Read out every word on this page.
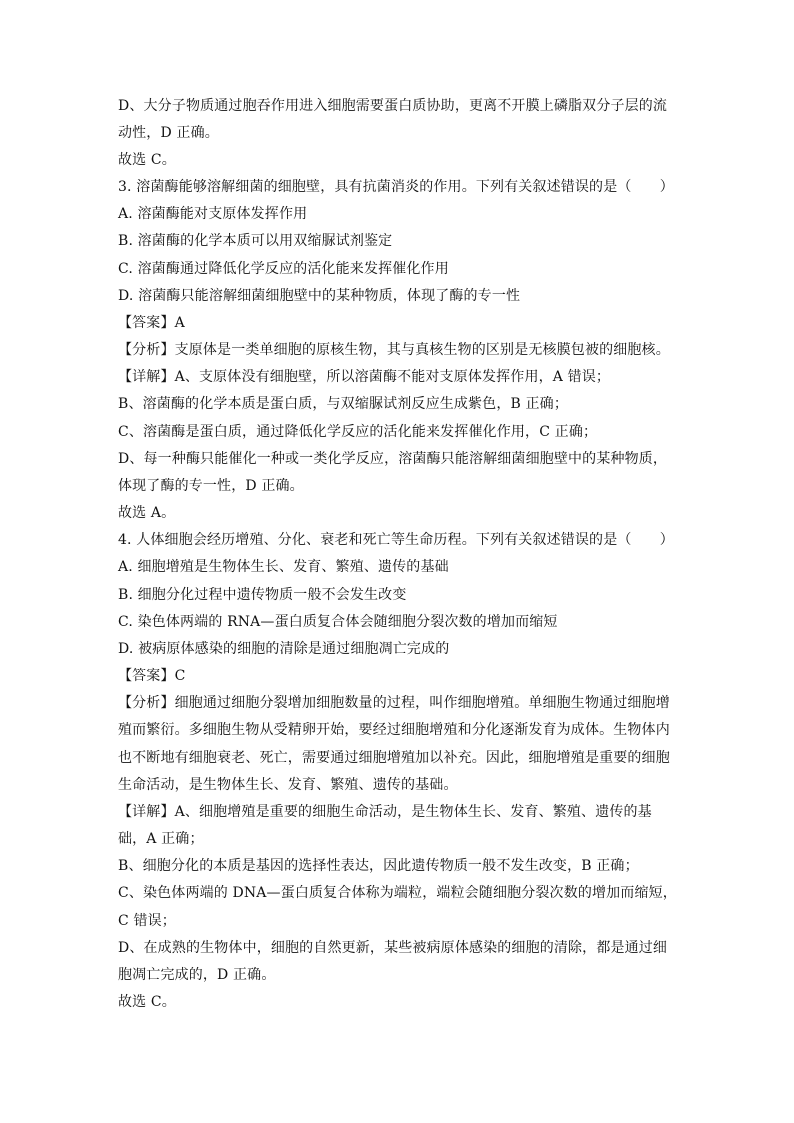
D、大分子物质通过胞吞作用进入细胞需要蛋白质协助，更离不开膜上磷脂双分子层的流
动性，D 正确。
故选 C。
3. 溶菌酶能够溶解细菌的细胞壁，具有抗菌消炎的作用。下列有关叙述错误的是（　　）
A. 溶菌酶能对支原体发挥作用
B. 溶菌酶的化学本质可以用双缩脲试剂鉴定
C. 溶菌酶通过降低化学反应的活化能来发挥催化作用
D. 溶菌酶只能溶解细菌细胞壁中的某种物质，体现了酶的专一性
【答案】A
【分析】支原体是一类单细胞的原核生物，其与真核生物的区别是无核膜包被的细胞核。
【详解】A、支原体没有细胞壁，所以溶菌酶不能对支原体发挥作用，A 错误；
B、溶菌酶的化学本质是蛋白质，与双缩脲试剂反应生成紫色，B 正确；
C、溶菌酶是蛋白质，通过降低化学反应的活化能来发挥催化作用，C 正确；
D、每一种酶只能催化一种或一类化学反应，溶菌酶只能溶解细菌细胞壁中的某种物质，
体现了酶的专一性，D 正确。
故选 A。
4. 人体细胞会经历增殖、分化、衰老和死亡等生命历程。下列有关叙述错误的是（　　）
A. 细胞增殖是生物体生长、发育、繁殖、遗传的基础
B. 细胞分化过程中遗传物质一般不会发生改变
C. 染色体两端的 RNA—蛋白质复合体会随细胞分裂次数的增加而缩短
D. 被病原体感染的细胞的清除是通过细胞凋亡完成的
【答案】C
【分析】细胞通过细胞分裂增加细胞数量的过程，叫作细胞增殖。单细胞生物通过细胞增
殖而繁衍。多细胞生物从受精卵开始，要经过细胞增殖和分化逐渐发育为成体。生物体内
也不断地有细胞衰老、死亡，需要通过细胞增殖加以补充。因此，细胞增殖是重要的细胞
生命活动，是生物体生长、发育、繁殖、遗传的基础。
【详解】A、细胞增殖是重要的细胞生命活动，是生物体生长、发育、繁殖、遗传的基
础，A 正确；
B、细胞分化的本质是基因的选择性表达，因此遗传物质一般不发生改变，B 正确；
C、染色体两端的 DNA—蛋白质复合体称为端粒，端粒会随细胞分裂次数的增加而缩短，
C 错误；
D、在成熟的生物体中，细胞的自然更新，某些被病原体感染的细胞的清除，都是通过细
胞凋亡完成的，D 正确。
故选 C。
